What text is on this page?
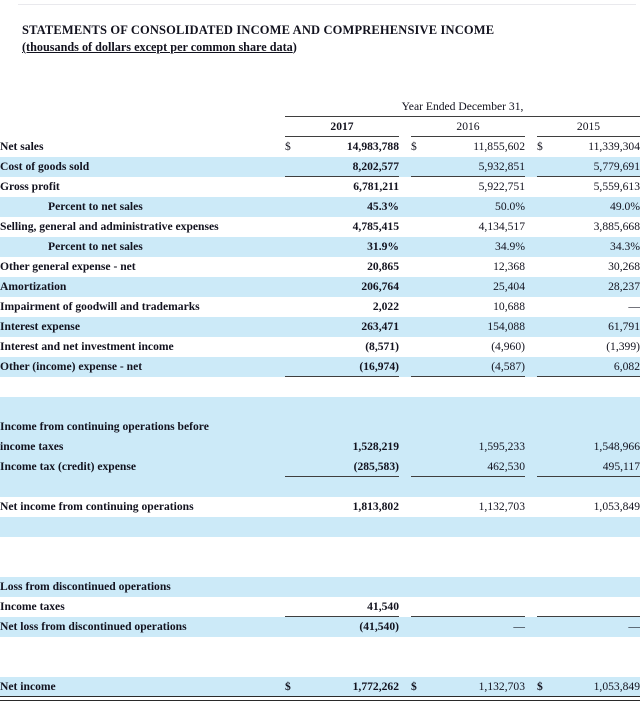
STATEMENTS OF CONSOLIDATED INCOME AND COMPREHENSIVE INCOME
(thousands of dollars except per common share data)

	Year Ended December 31,							
	2017			2016			2015	
Net sales	$	14,983,788		$	11,855,602		$	11,339,304
Cost of goods sold		8,202,577			5,932,851			5,779,691
Gross profit		6,781,211			5,922,751			5,559,613
Percent to net sales		45.3%			50.0%			49.0%
Selling, general and administrative expenses		4,785,415			4,134,517			3,885,668
Percent to net sales		31.9%			34.9%			34.3%
Other general expense - net		20,865			12,368			30,268
Amortization		206,764			25,404			28,237
Impairment of goodwill and trademarks		2,022			10,688			—
Interest expense		263,471			154,088			61,791
Interest and net investment income		(8,571)			(4,960)			(1,399)
Other (income) expense - net		(16,974)			(4,587)			6,082

Income from continuing operations before								
income taxes		1,528,219			1,595,233			1,548,966
Income tax (credit) expense		(285,583)			462,530			495,117

Net income from continuing operations		1,813,802			1,132,703			1,053,849

Loss from discontinued operations								
Income taxes		41,540						
Net loss from discontinued operations		(41,540)			—			—

Net income	$	1,772,262		$	1,132,703		$	1,053,849
